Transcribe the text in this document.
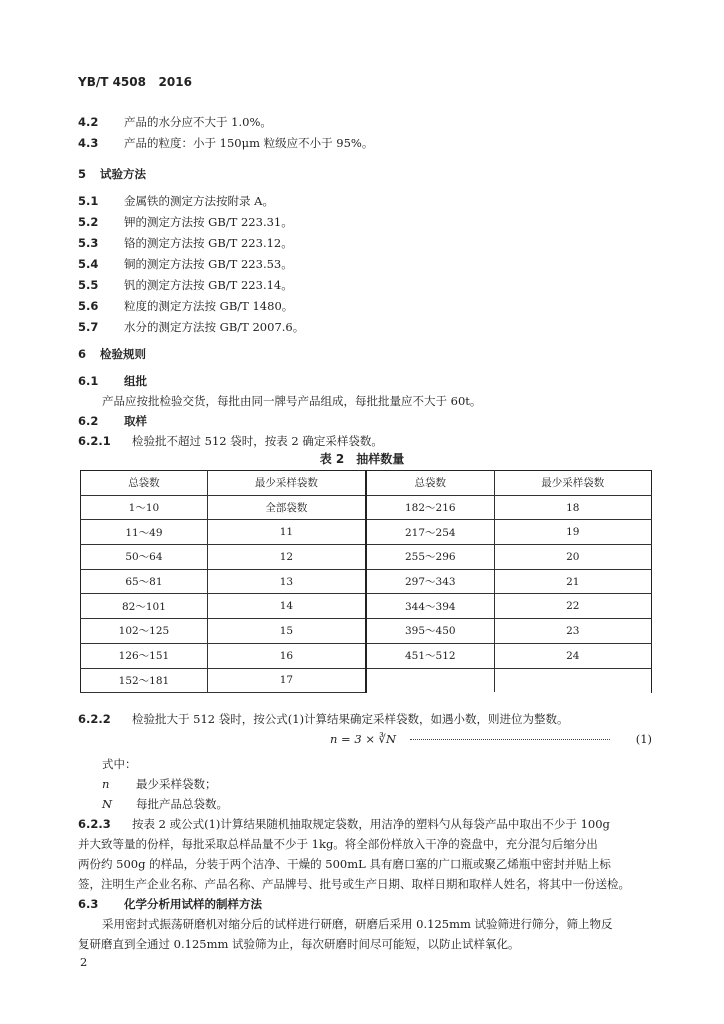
YB/T 4508 2016
4.2 产品的水分应不大于 1.0%。
4.3 产品的粒度：小于 150μm 粒级应不小于 95%。
5 试验方法
5.1 金属铁的测定方法按附录 A。
5.2 钾的测定方法按 GB/T 223.31。
5.3 铬的测定方法按 GB/T 223.12。
5.4 铜的测定方法按 GB/T 223.53。
5.5 钒的测定方法按 GB/T 223.14。
5.6 粒度的测定方法按 GB/T 1480。
5.7 水分的测定方法按 GB/T 2007.6。
6 检验规则
6.1 组批
产品应按批检验交货，每批由同一牌号产品组成，每批批量应不大于 60t。
6.2 取样
6.2.1 检验批不超过 512 袋时，按表 2 确定采样袋数。
表 2　抽样数量
总袋数	最少采样袋数	总袋数	最少采样袋数
1～10	全部袋数	182～216	18
11～49	11	217～254	19
50～64	12	255～296	20
65～81	13	297～343	21
82～101	14	344～394	22
102～125	15	395～450	23
126～151	16	451～512	24
152～181	17		
6.2.2 检验批大于 512 袋时，按公式(1)计算结果确定采样袋数，如遇小数，则进位为整数。
n = 3 × ∛N	(1)
式中：
n 最少采样袋数；
N 每批产品总袋数。
6.2.3 按表 2 或公式(1)计算结果随机抽取规定袋数，用洁净的塑料勺从每袋产品中取出不少于 100g
并大致等量的份样，每批采取总样品量不少于 1kg。将全部份样放入干净的瓷盘中，充分混匀后缩分出
两份约 500g 的样品，分装于两个洁净、干燥的 500mL 具有磨口塞的广口瓶或聚乙烯瓶中密封并贴上标
签，注明生产企业名称、产品名称、产品牌号、批号或生产日期、取样日期和取样人姓名，将其中一份送检。
6.3 化学分析用试样的制样方法
采用密封式振荡研磨机对缩分后的试样进行研磨，研磨后采用 0.125mm 试验筛进行筛分，筛上物反
复研磨直到全通过 0.125mm 试验筛为止，每次研磨时间尽可能短，以防止试样氧化。
2
